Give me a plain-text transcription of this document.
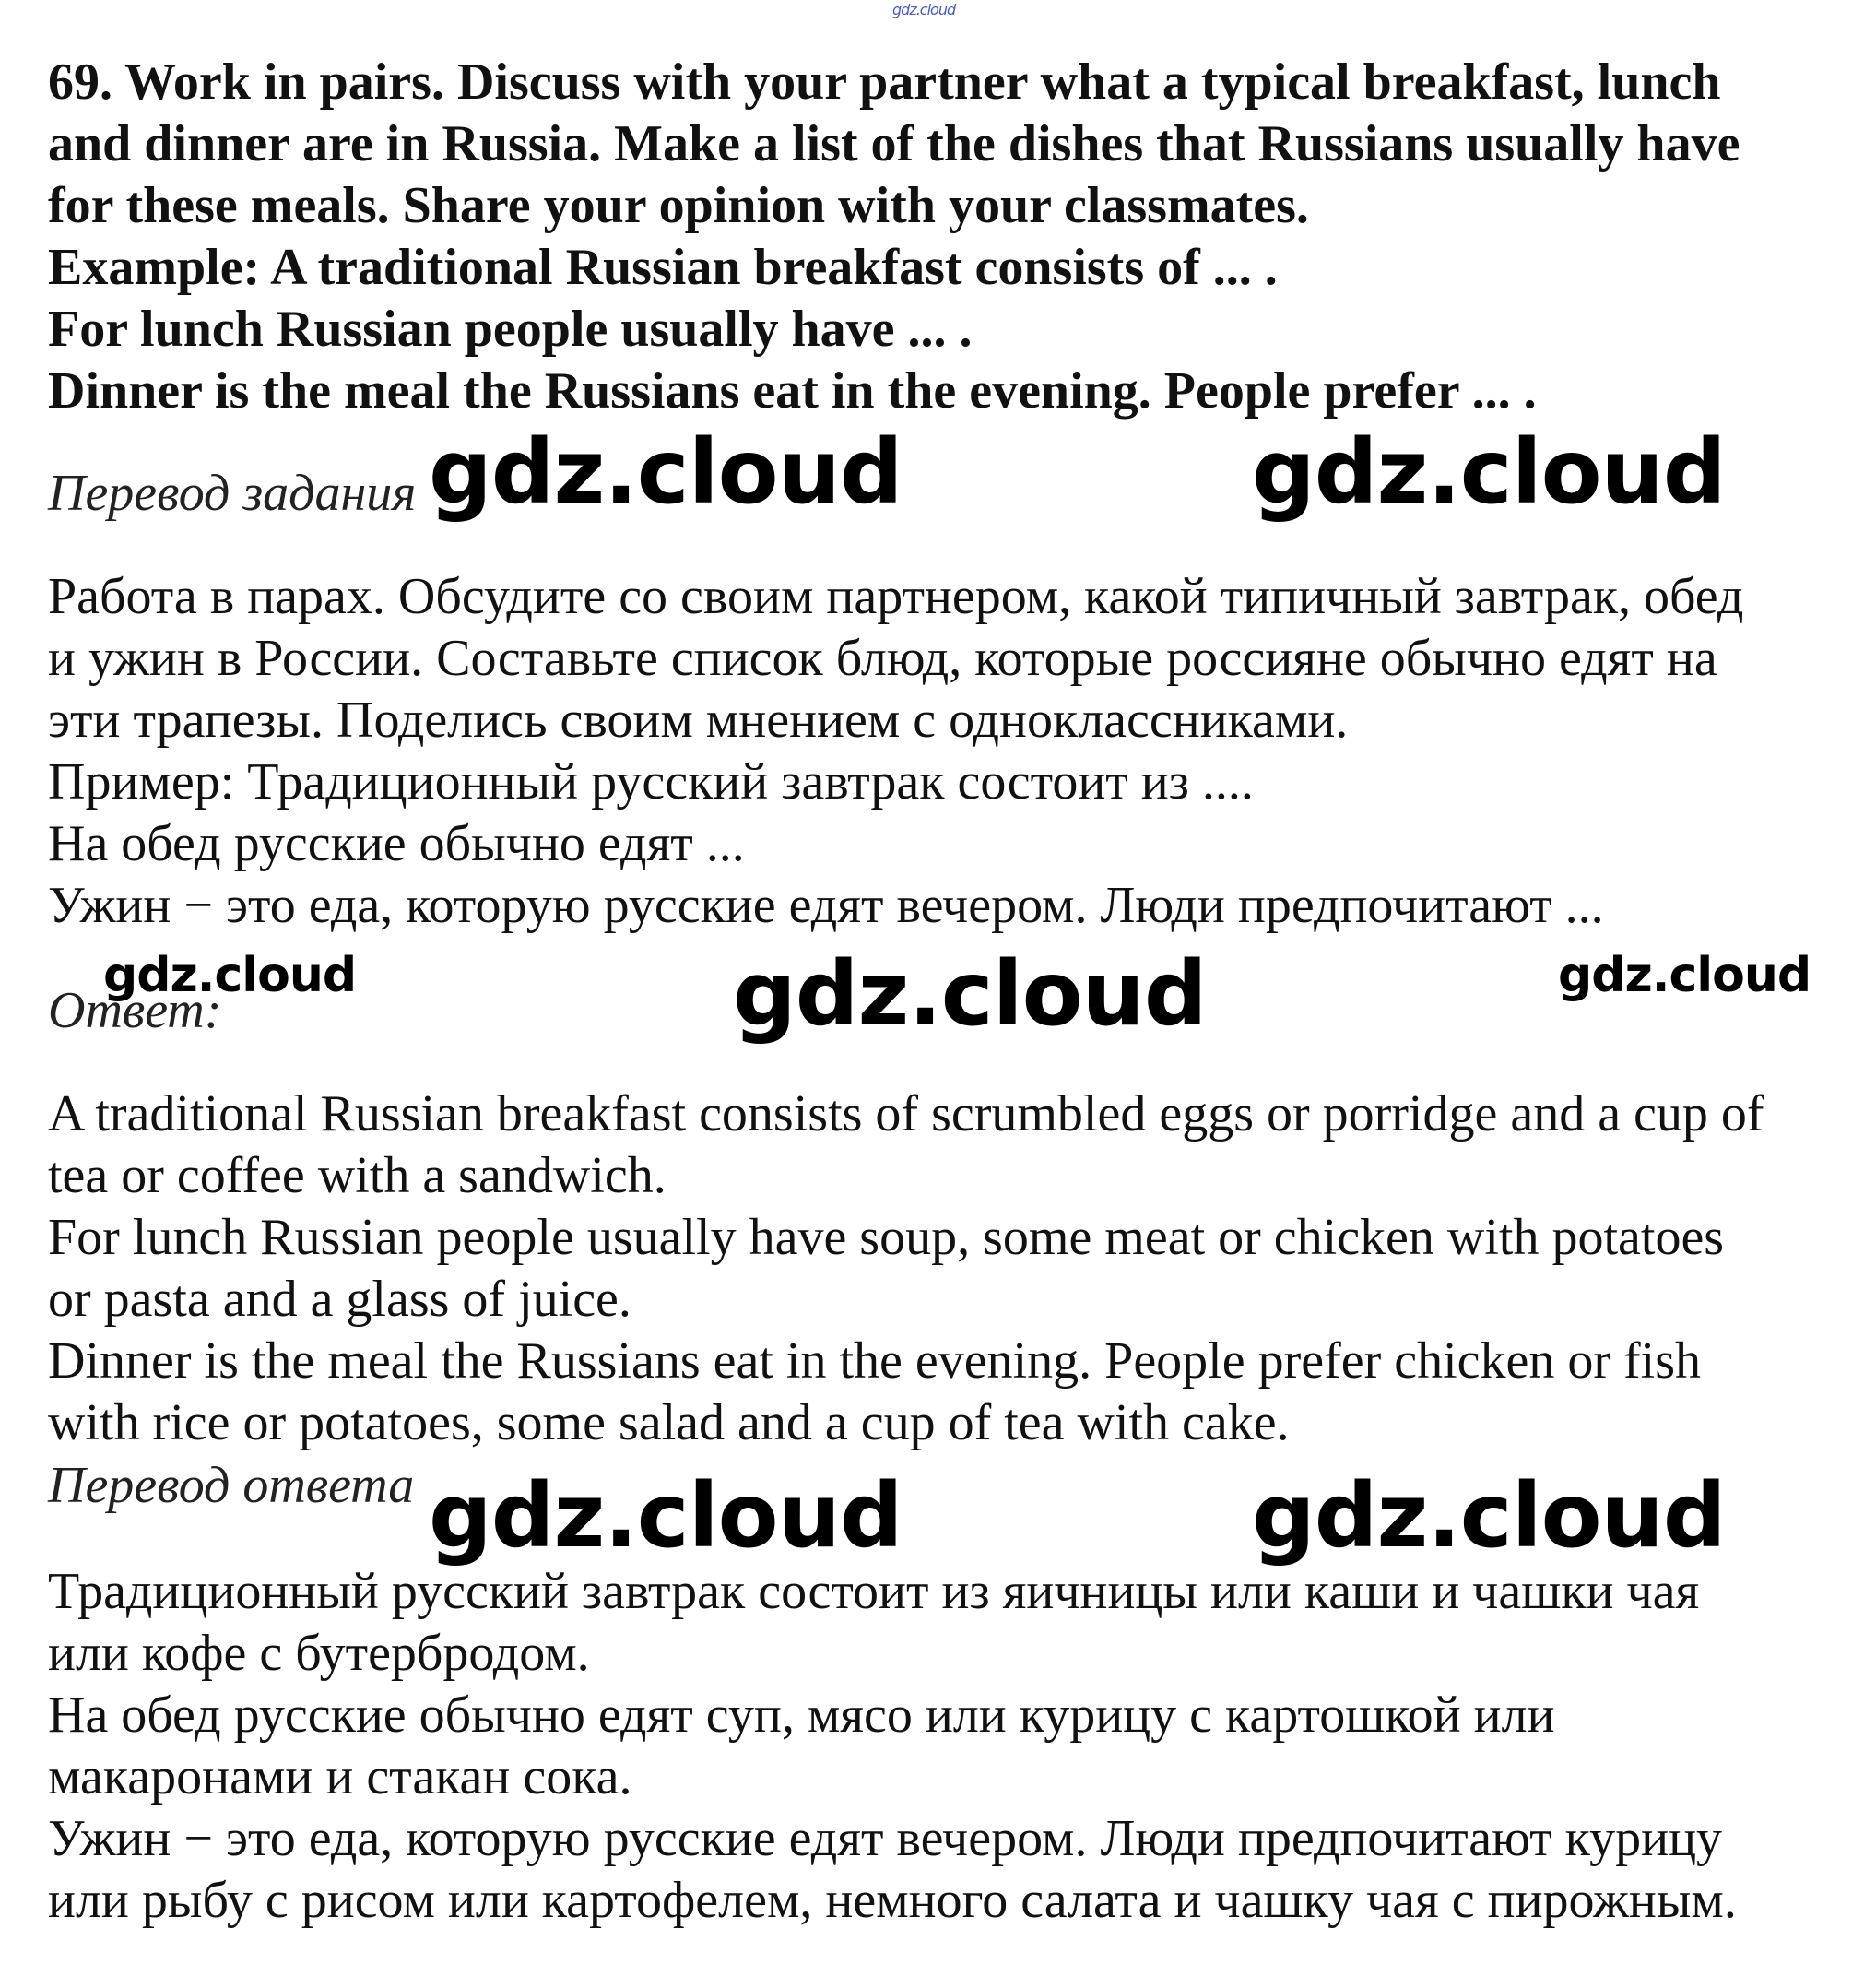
gdz.cloud
69. Work in pairs. Discuss with your partner what a typical breakfast, lunch
and dinner are in Russia. Make a list of the dishes that Russians usually have
for these meals. Share your opinion with your classmates.
Example: A traditional Russian breakfast consists of ... .
For lunch Russian people usually have ... .
Dinner is the meal the Russians eat in the evening. People prefer ... .
Перевод задания gdz.cloud	gdz.cloud
Работа в парах. Обсудите со своим партнером, какой типичный завтрак, обед
и ужин в России. Составьте список блюд, которые россияне обычно едят на
эти трапезы. Поделись своим мнением с одноклассниками.
Пример: Традиционный русский завтрак состоит из ....
На обед русские обычно едят ...
Ужин − это еда, которую русские едят вечером. Люди предпочитают ...
Ответ:
gdz.cloud	gdz.cloud	gdz.cloud
A traditional Russian breakfast consists of scrumbled eggs or porridge and a cup of
tea or coffee with a sandwich.
For lunch Russian people usually have soup, some meat or chicken with potatoes
or pasta and a glass of juice.
Dinner is the meal the Russians eat in the evening. People prefer chicken or fish
with rice or potatoes, some salad and a cup of tea with cake.
Перевод ответа gdz.cloud	gdz.cloud
Традиционный русский завтрак состоит из яичницы или каши и чашки чая
или кофе с бутербродом.
На обед русские обычно едят суп, мясо или курицу с картошкой или
макаронами и стакан сока.
Ужин − это еда, которую русские едят вечером. Люди предпочитают курицу
или рыбу с рисом или картофелем, немного салата и чашку чая с пирожным.
